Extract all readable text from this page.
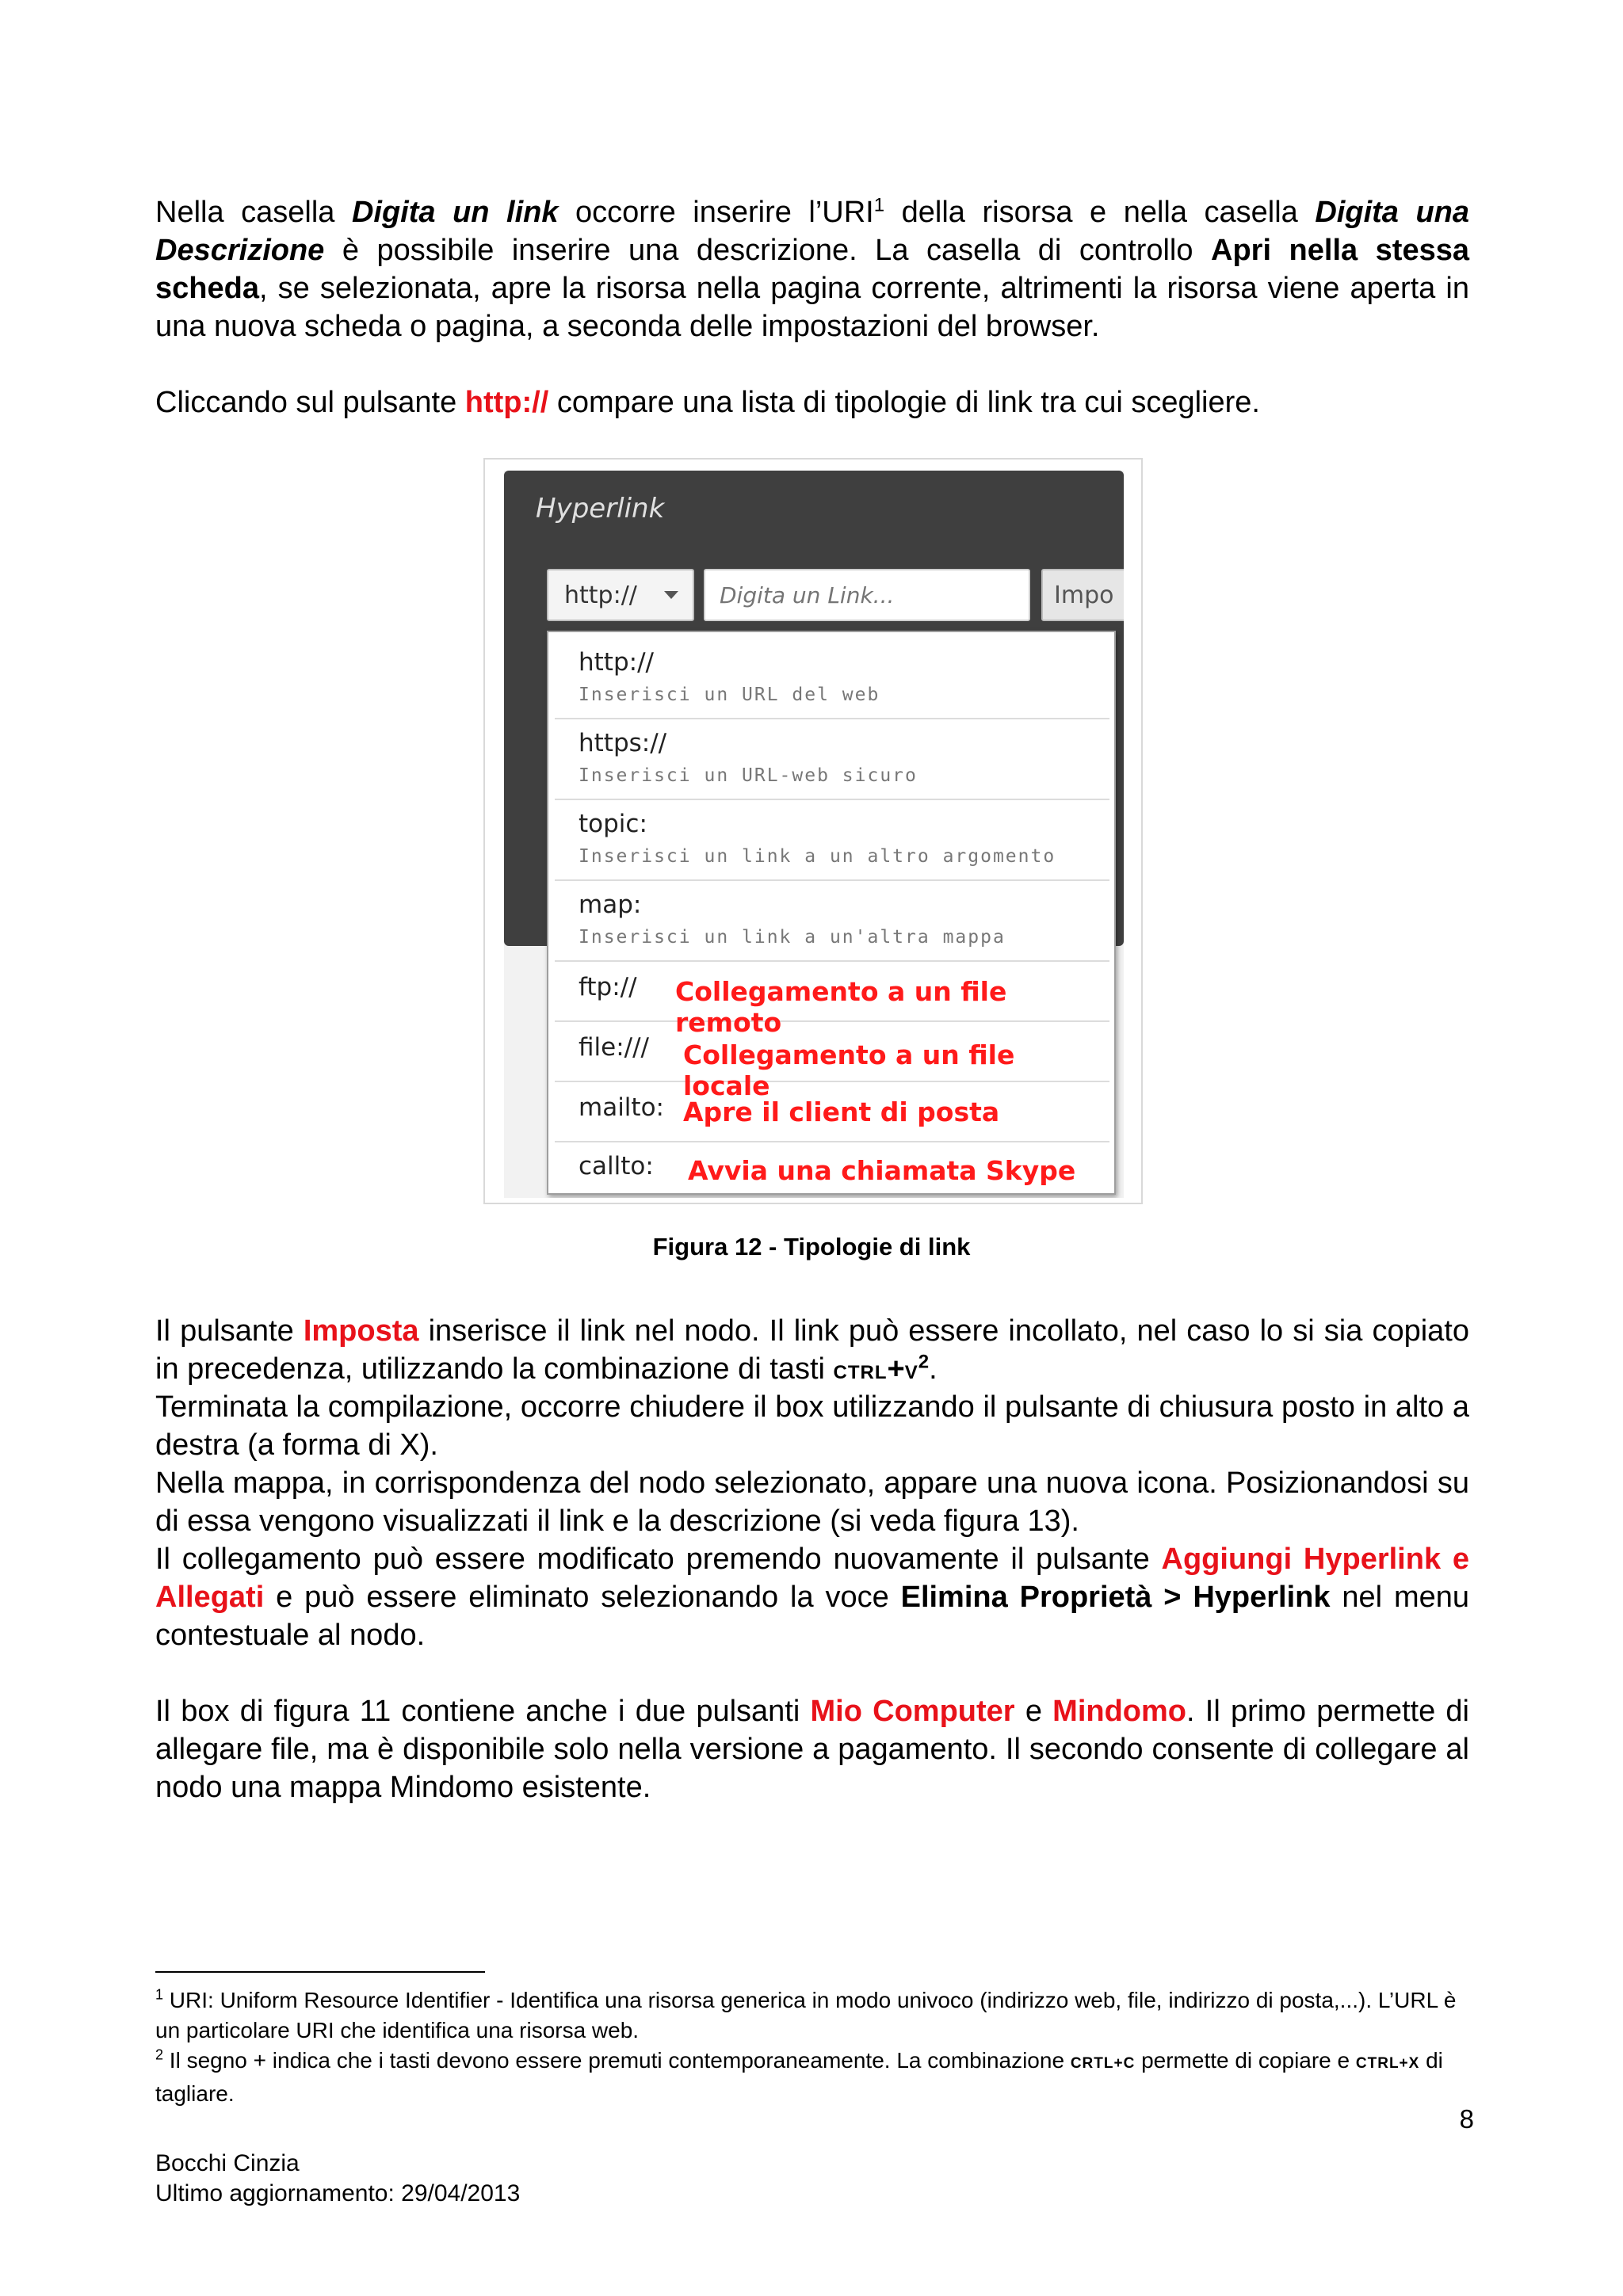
Nella casella Digita un link occorre inserire l’URI$^1$ della risorsa e nella casella Digita una Descrizione è possibile inserire una descrizione. La casella di controllo Apri nella stessa scheda, se selezionata, apre la risorsa nella pagina corrente, altrimenti la risorsa viene aperta in una nuova scheda o pagina, a seconda delle impostazioni del browser.
Cliccando sul pulsante http:// compare una lista di tipologie di link tra cui scegliere.
Hyperlink
http://
Digita un Link...	Impo
http://
Inserisci un URL del web
https://
Inserisci un URL-web sicuro
topic:
Inserisci un link a un altro argomento
map:
Inserisci un link a un'altra mappa
ftp:// Collegamento a un file remoto
file:/// Collegamento a un file locale
mailto: Apre il client di posta
callto: Avvia una chiamata Skype
Figura 12 - Tipologie di link
Il pulsante Imposta inserisce il link nel nodo. Il link può essere incollato, nel caso lo si sia copiato in precedenza, utilizzando la combinazione di tasti $CTRL+V^2$.
Terminata la compilazione, occorre chiudere il box utilizzando il pulsante di chiusura posto in alto a destra (a forma di X).
Nella mappa, in corrispondenza del nodo selezionato, appare una nuova icona. Posizionandosi su di essa vengono visualizzati il link e la descrizione (si veda figura 13).
Il collegamento può essere modificato premendo nuovamente il pulsante Aggiungi Hyperlink e Allegati e può essere eliminato selezionando la voce Elimina Proprietà > Hyperlink nel menu contestuale al nodo.
Il box di figura 11 contiene anche i due pulsanti Mio Computer e Mindomo. Il primo permette di allegare file, ma è disponibile solo nella versione a pagamento. Il secondo consente di collegare al nodo una mappa Mindomo esistente.
$^1$ URI: Uniform Resource Identifier - Identifica una risorsa generica in modo univoco (indirizzo web, file, indirizzo di posta,...). L’URL è un particolare URI che identifica una risorsa web.
$^2$ Il segno + indica che i tasti devono essere premuti contemporaneamente. La combinazione CRTL+C permette di copiare e CTRL+X di tagliare.
8
Bocchi Cinzia
Ultimo aggiornamento: 29/04/2013
